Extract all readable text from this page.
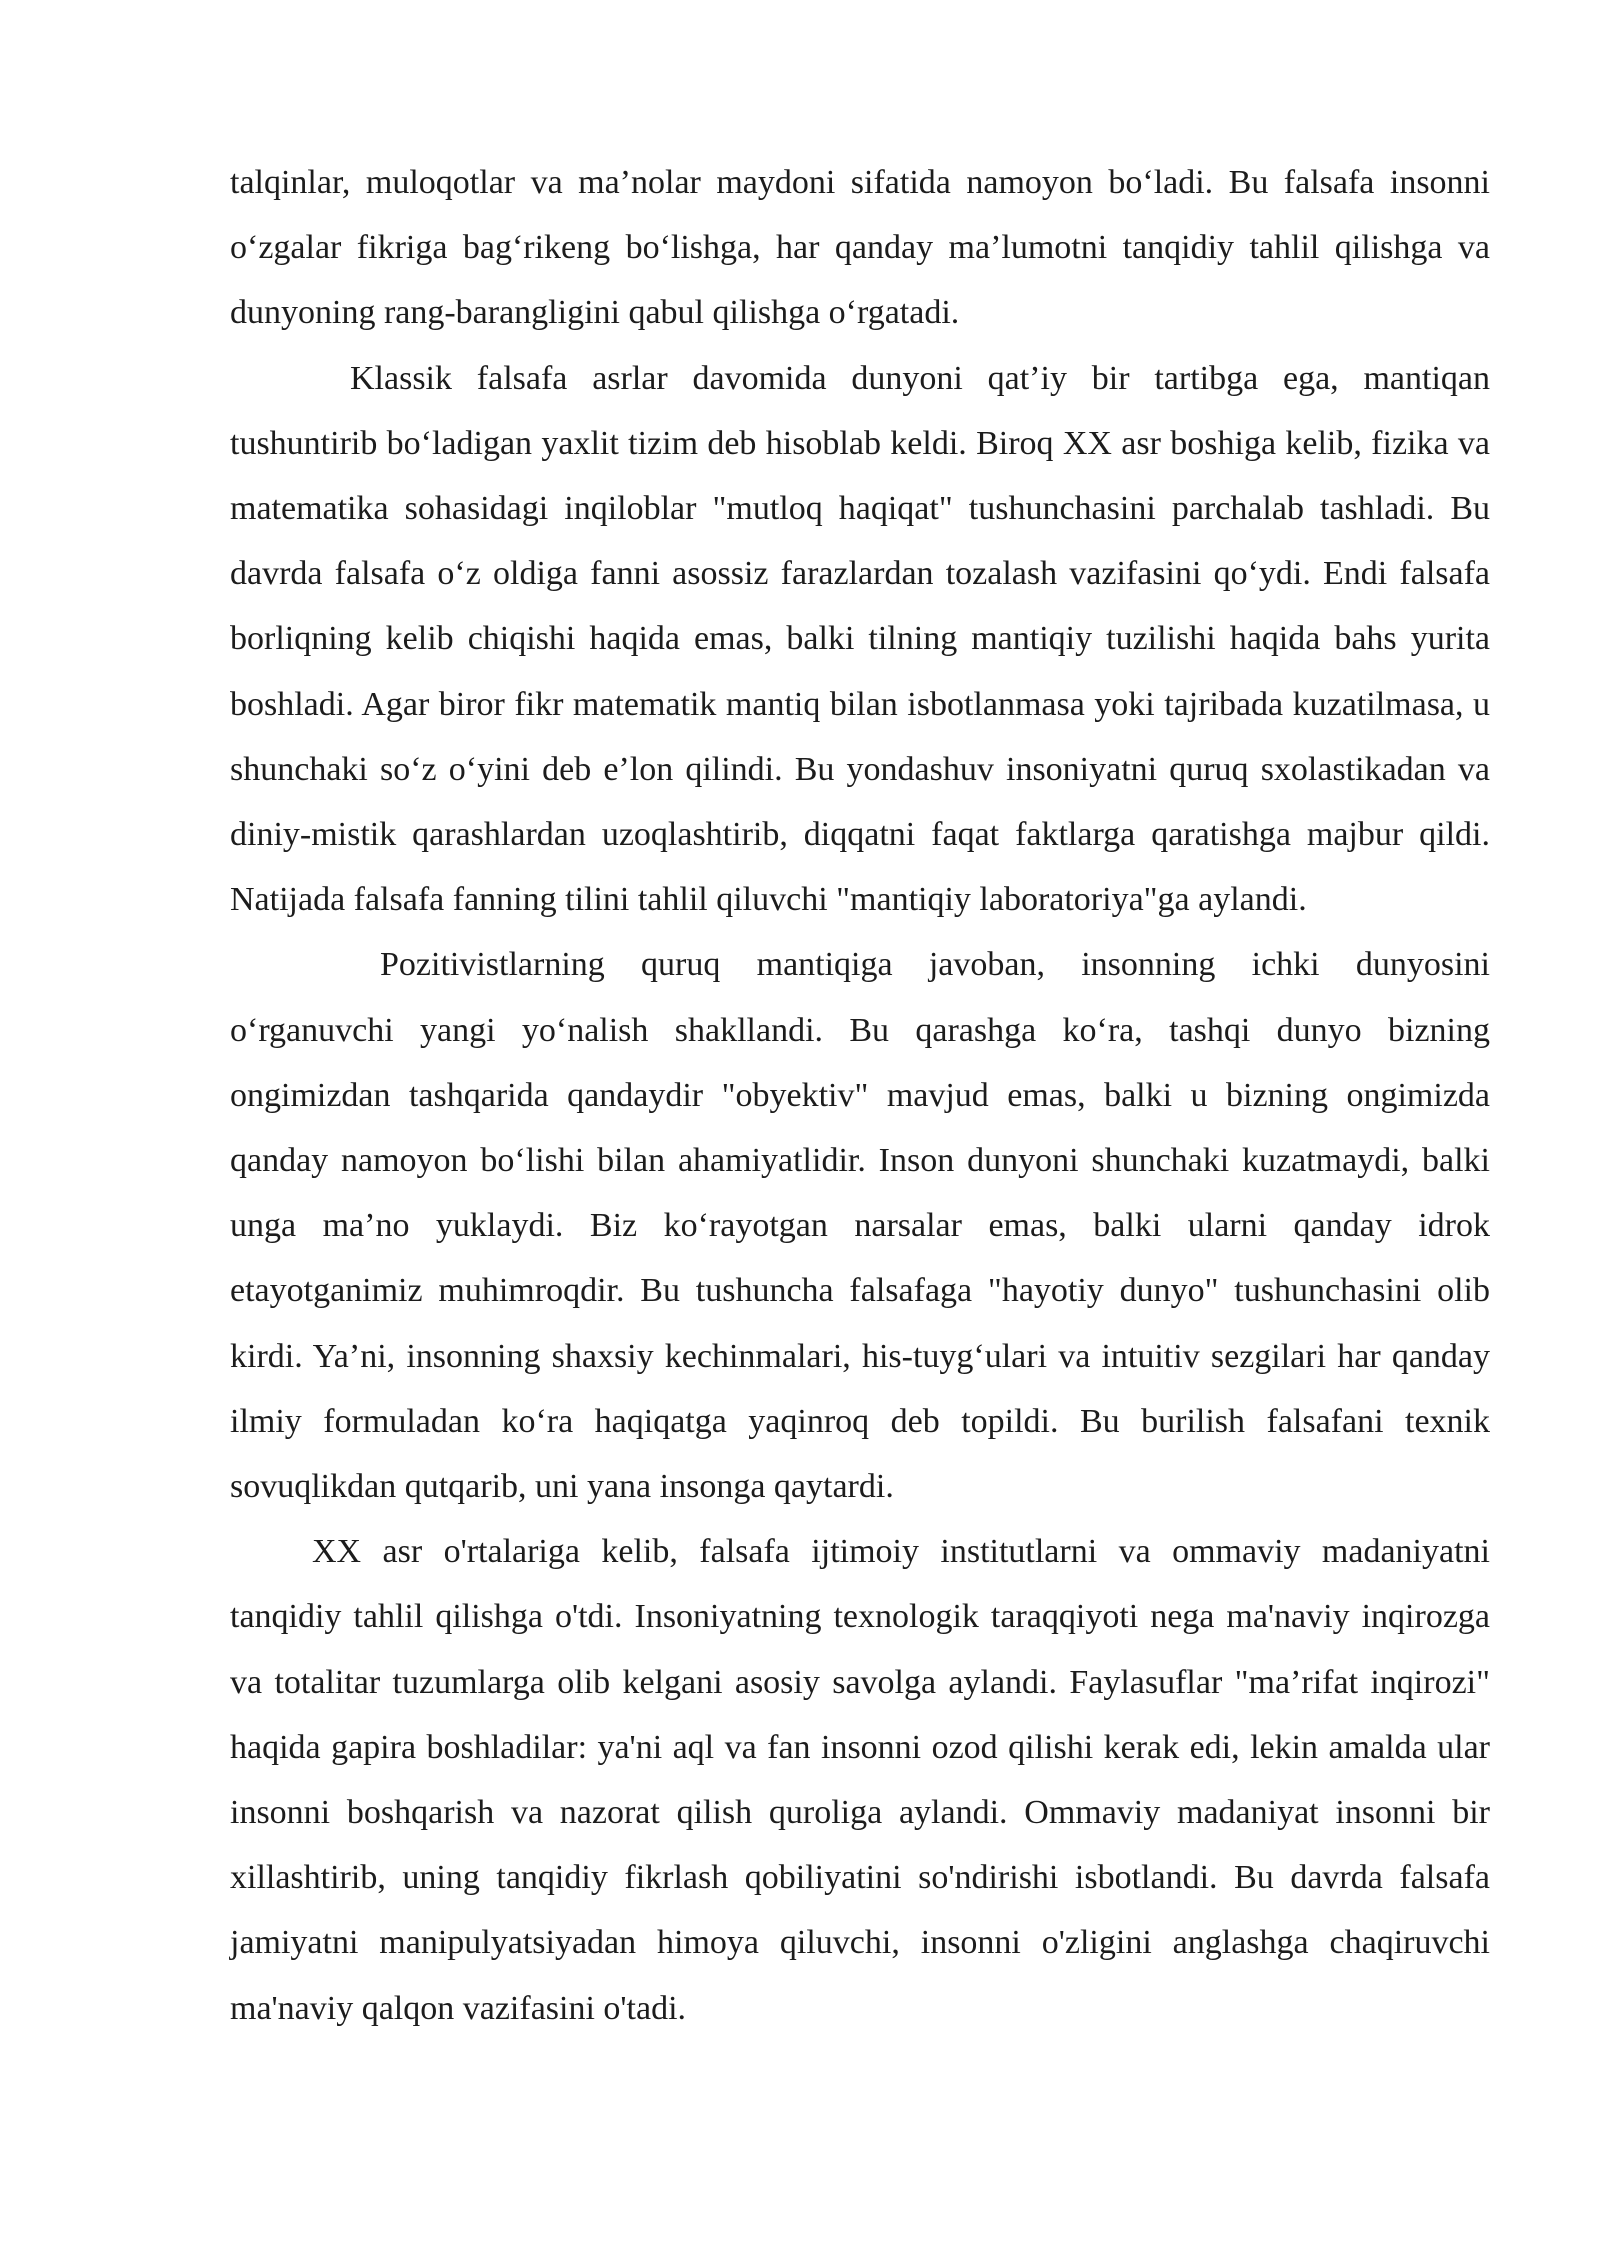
talqinlar, muloqotlar va ma’nolar maydoni sifatida namoyon bo‘ladi. Bu falsafa insonni o‘zgalar fikriga bag‘rikeng bo‘lishga, har qanday ma’lumotni tanqidiy tahlil qilishga va dunyoning rang-barangligini qabul qilishga o‘rgatadi.

Klassik falsafa asrlar davomida dunyoni qat’iy bir tartibga ega, mantiqan tushuntirib bo‘ladigan yaxlit tizim deb hisoblab keldi. Biroq XX asr boshiga kelib, fizika va matematika sohasidagi inqiloblar "mutloq haqiqat" tushunchasini parchalab tashladi. Bu davrda falsafa o‘z oldiga fanni asossiz farazlardan tozalash vazifasini qo‘ydi. Endi falsafa borliqning kelib chiqishi haqida emas, balki tilning mantiqiy tuzilishi haqida bahs yurita boshladi. Agar biror fikr matematik mantiq bilan isbotlanmasa yoki tajribada kuzatilmasa, u shunchaki so‘z o‘yini deb e’lon qilindi. Bu yondashuv insoniyatni quruq sxolastikadan va diniy-mistik qarashlardan uzoqlashtirib, diqqatni faqat faktlarga qaratishga majbur qildi. Natijada falsafa fanning tilini tahlil qiluvchi "mantiqiy laboratoriya"ga aylandi.

Pozitivistlarning quruq mantiqiga javoban, insonning ichki dunyosini o‘rganuvchi yangi yo‘nalish shakllandi. Bu qarashga ko‘ra, tashqi dunyo bizning ongimizdan tashqarida qandaydir "obyektiv" mavjud emas, balki u bizning ongimizda qanday namoyon bo‘lishi bilan ahamiyatlidir. Inson dunyoni shunchaki kuzatmaydi, balki unga ma’no yuklaydi. Biz ko‘rayotgan narsalar emas, balki ularni qanday idrok etayotganimiz muhimroqdir. Bu tushuncha falsafaga "hayotiy dunyo" tushunchasini olib kirdi. Ya’ni, insonning shaxsiy kechinmalari, his-tuyg‘ulari va intuitiv sezgilari har qanday ilmiy formuladan ko‘ra haqiqatga yaqinroq deb topildi. Bu burilish falsafani texnik sovuqlikdan qutqarib, uni yana insonga qaytardi.

XX asr o'rtalariga kelib, falsafa ijtimoiy institutlarni va ommaviy madaniyatni tanqidiy tahlil qilishga o'tdi. Insoniyatning texnologik taraqqiyoti nega ma'naviy inqirozga va totalitar tuzumlarga olib kelgani asosiy savolga aylandi. Faylasuflar "ma’rifat inqirozi" haqida gapira boshladilar: ya'ni aql va fan insonni ozod qilishi kerak edi, lekin amalda ular insonni boshqarish va nazorat qilish quroliga aylandi. Ommaviy madaniyat insonni bir xillashtirib, uning tanqidiy fikrlash qobiliyatini so'ndirishi isbotlandi. Bu davrda falsafa jamiyatni manipulyatsiyadan himoya qiluvchi, insonni o'zligini anglashga chaqiruvchi ma'naviy qalqon vazifasini o'tadi.
